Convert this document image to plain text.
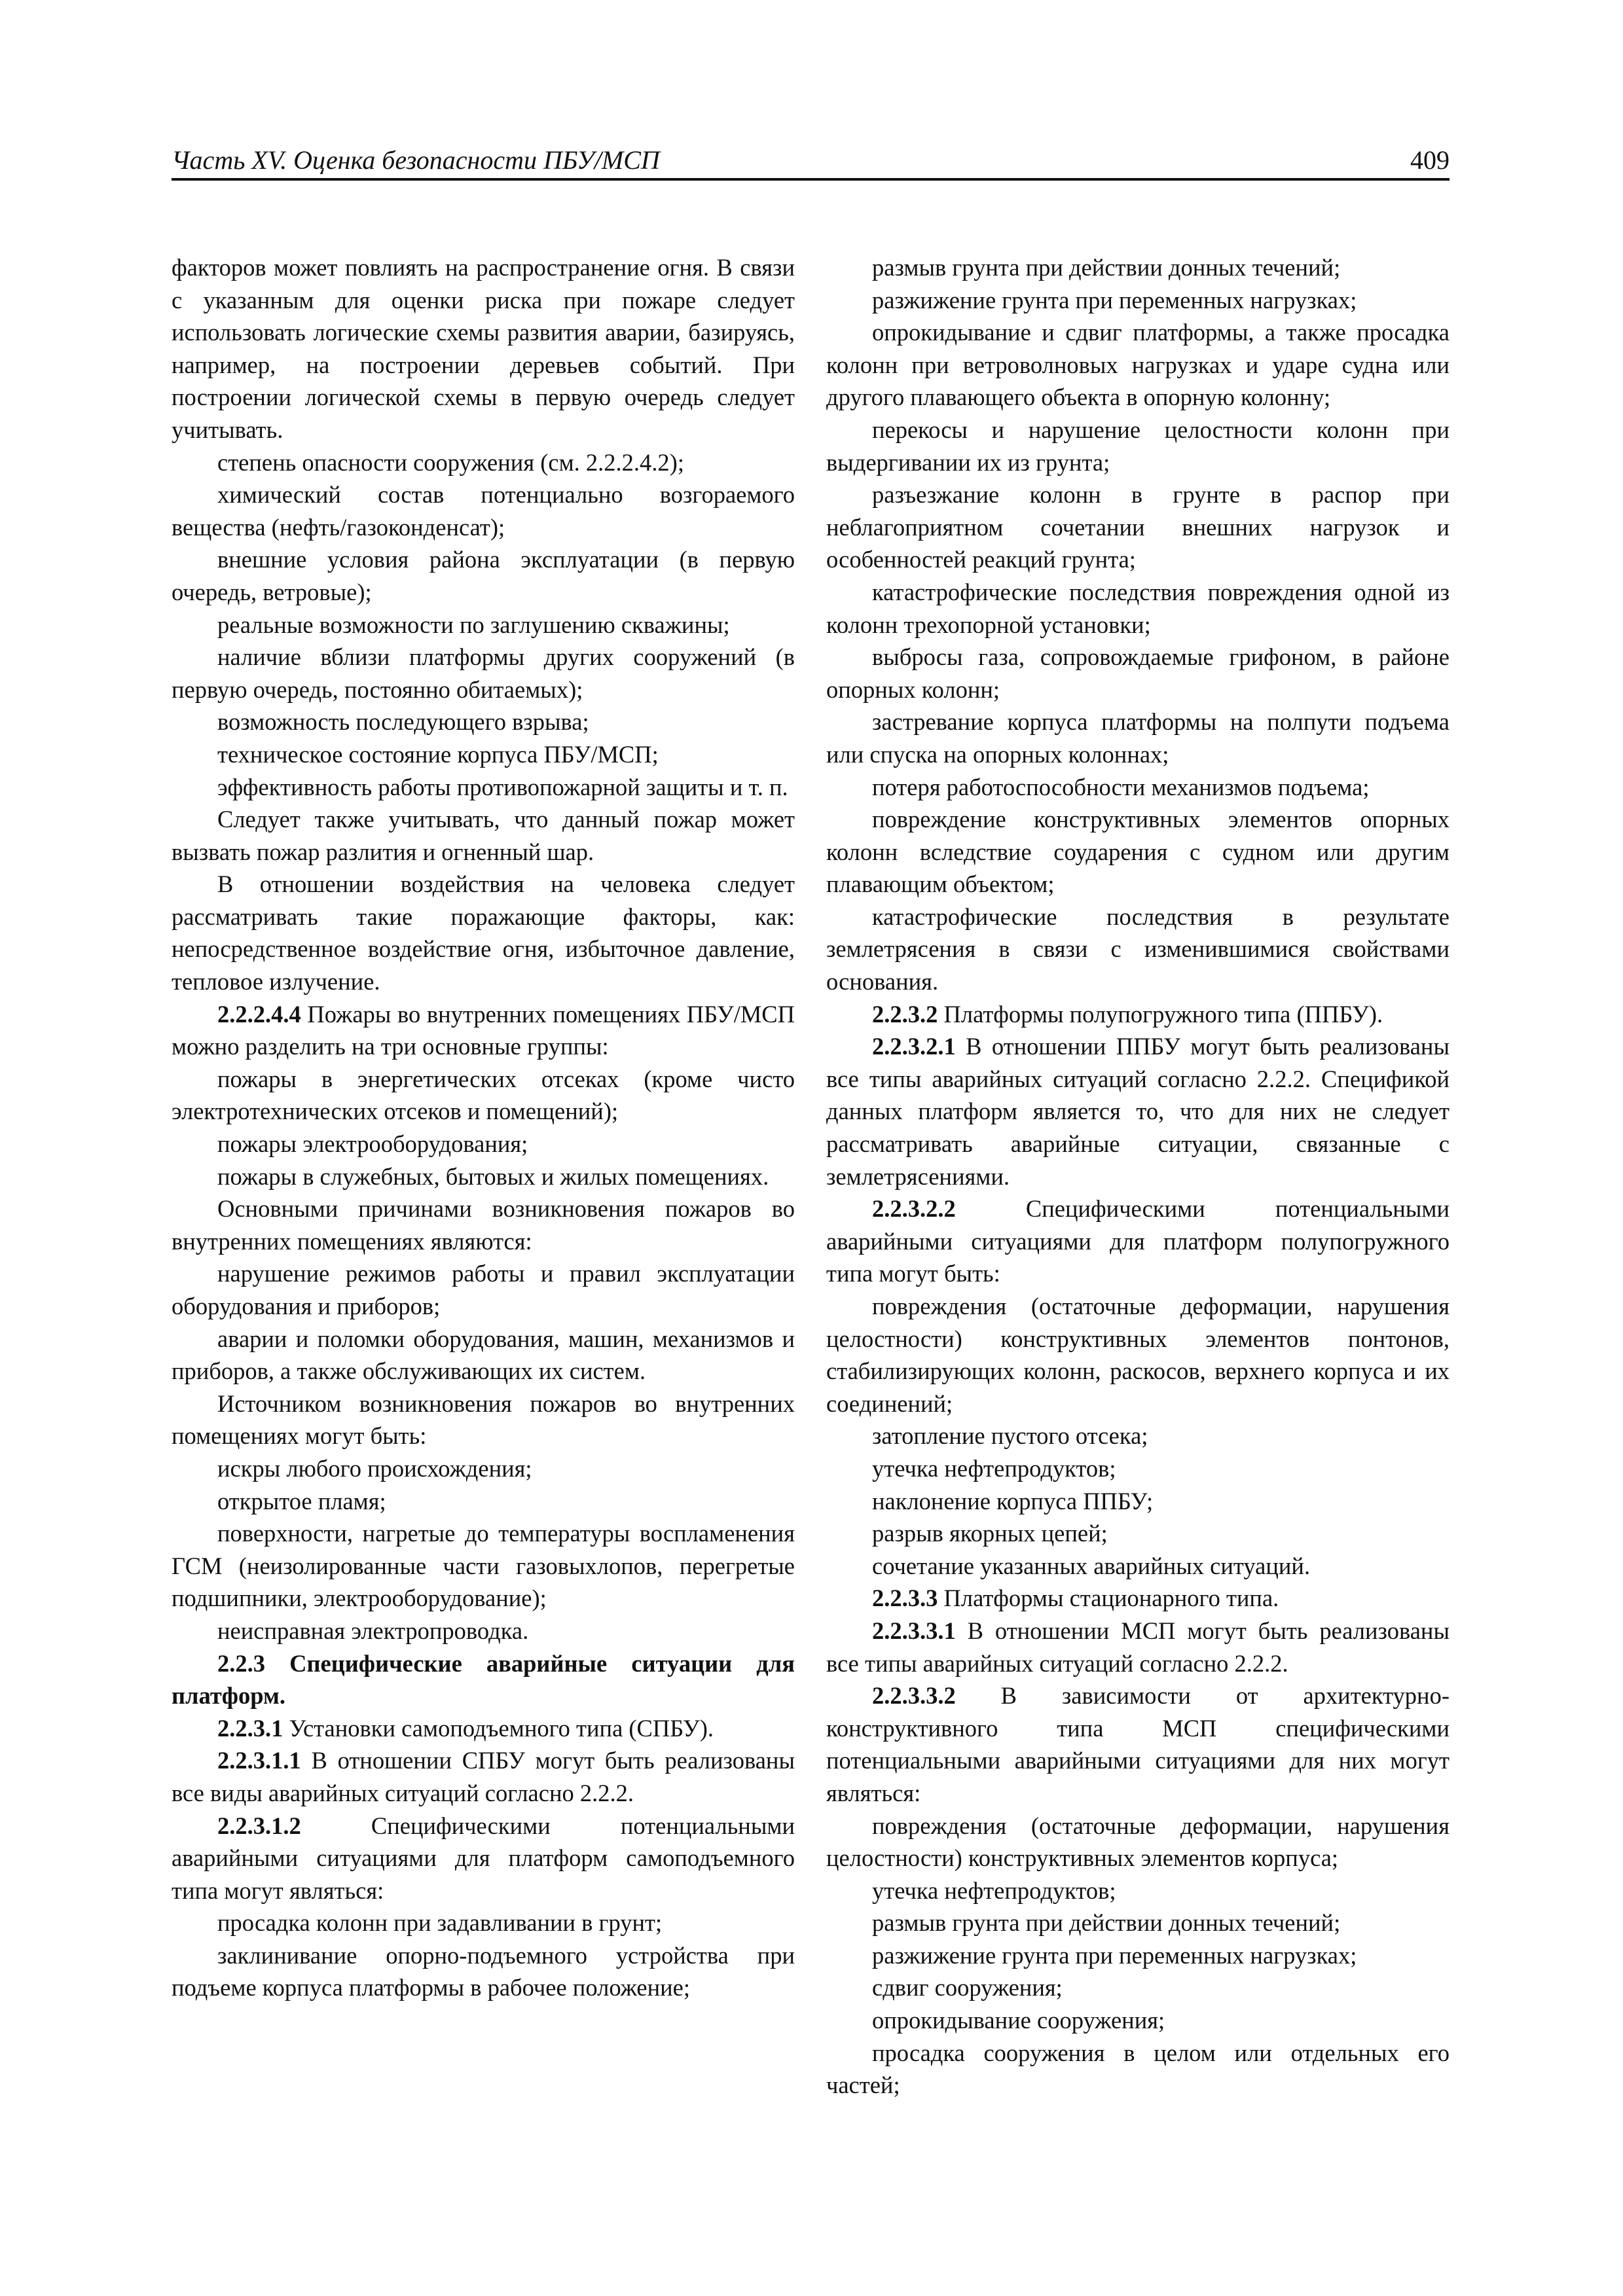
Часть XV. Оценка безопасности ПБУ/МСП	409

факторов может повлиять на распространение огня. В связи с указанным для оценки риска при пожаре следует использовать логические схемы развития аварии, базируясь, например, на построении деревьев событий. При построении логической схемы в первую очередь следует учитывать.

степень опасности сооружения (см. 2.2.2.4.2);

химический состав потенциально возгораемого вещества (нефть/газоконденсат);

внешние условия района эксплуатации (в первую очередь, ветровые);

реальные возможности по заглушению скважины;

наличие вблизи платформы других сооружений (в первую очередь, постоянно обитаемых);

возможность последующего взрыва;

техническое состояние корпуса ПБУ/МСП;

эффективность работы противопожарной защиты и т. п.

Следует также учитывать, что данный пожар может вызвать пожар разлития и огненный шар.

В отношении воздействия на человека следует рассматривать такие поражающие факторы, как: непосредственное воздействие огня, избыточное давление, тепловое излучение.

2.2.2.4.4 Пожары во внутренних помещениях ПБУ/МСП можно разделить на три основные группы:

пожары в энергетических отсеках (кроме чисто электротехнических отсеков и помещений);

пожары электрооборудования;

пожары в служебных, бытовых и жилых помещениях.

Основными причинами возникновения пожаров во внутренних помещениях являются:

нарушение режимов работы и правил эксплуатации оборудования и приборов;

аварии и поломки оборудования, машин, механизмов и приборов, а также обслуживающих их систем.

Источником возникновения пожаров во внутренних помещениях могут быть:

искры любого происхождения;

открытое пламя;

поверхности, нагретые до температуры воспламенения ГСМ (неизолированные части газовыхлопов, перегретые подшипники, электрооборудование);

неисправная электропроводка.

2.2.3 Специфические аварийные ситуации для платформ.

2.2.3.1 Установки самоподъемного типа (СПБУ).

2.2.3.1.1 В отношении СПБУ могут быть реализованы все виды аварийных ситуаций согласно 2.2.2.

2.2.3.1.2 Специфическими потенциальными аварийными ситуациями для платформ самоподъемного типа могут являться:

просадка колонн при задавливании в грунт;

заклинивание опорно-подъемного устройства при подъеме корпуса платформы в рабочее положение;

размыв грунта при действии донных течений;

разжижение грунта при переменных нагрузках;

опрокидывание и сдвиг платформы, а также просадка колонн при ветроволновых нагрузках и ударе судна или другого плавающего объекта в опорную колонну;

перекосы и нарушение целостности колонн при выдергивании их из грунта;

разъезжание колонн в грунте в распор при неблагоприятном сочетании внешних нагрузок и особенностей реакций грунта;

катастрофические последствия повреждения одной из колонн трехопорной установки;

выбросы газа, сопровождаемые грифоном, в районе опорных колонн;

застревание корпуса платформы на полпути подъема или спуска на опорных колоннах;

потеря работоспособности механизмов подъема;

повреждение конструктивных элементов опорных колонн вследствие соударения с судном или другим плавающим объектом;

катастрофические последствия в результате землетрясения в связи с изменившимися свойствами основания.

2.2.3.2 Платформы полупогружного типа (ППБУ).

2.2.3.2.1 В отношении ППБУ могут быть реализованы все типы аварийных ситуаций согласно 2.2.2. Спецификой данных платформ является то, что для них не следует рассматривать аварийные ситуации, связанные с землетрясениями.

2.2.3.2.2 Специфическими потенциальными аварийными ситуациями для платформ полупогружного типа могут быть:

повреждения (остаточные деформации, нарушения целостности) конструктивных элементов понтонов, стабилизирующих колонн, раскосов, верхнего корпуса и их соединений;

затопление пустого отсека;

утечка нефтепродуктов;

наклонение корпуса ППБУ;

разрыв якорных цепей;

сочетание указанных аварийных ситуаций.

2.2.3.3 Платформы стационарного типа.

2.2.3.3.1 В отношении МСП могут быть реализованы все типы аварийных ситуаций согласно 2.2.2.

2.2.3.3.2 В зависимости от архитектурно-конструктивного типа МСП специфическими потенциальными аварийными ситуациями для них могут являться:

повреждения (остаточные деформации, нарушения целостности) конструктивных элементов корпуса;

утечка нефтепродуктов;

размыв грунта при действии донных течений;

разжижение грунта при переменных нагрузках;

сдвиг сооружения;

опрокидывание сооружения;

просадка сооружения в целом или отдельных его частей;
